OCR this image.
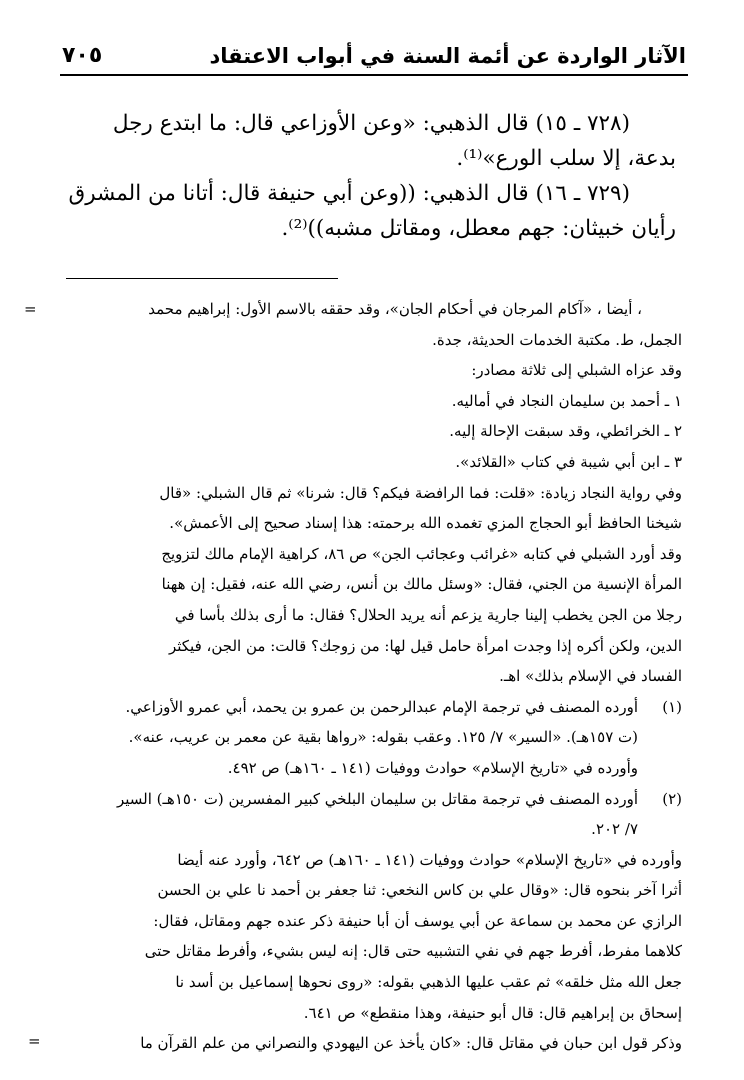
الآثار الواردة عن أئمة السنة في أبواب الاعتقاد
٧٠٥

(٧٢٨ ـ ١٥) قال الذهبي: «وعن الأوزاعي قال: ما ابتدع رجل

بدعة، إلا سلب الورع»⁽¹⁾.

(٧٢٩ ـ ١٦) قال الذهبي: ((وعن أبي حنيفة قال: أتانا من المشرق

رأيان خبيثان: جهم معطل، ومقاتل مشبه))⁽²⁾.

=	، أيضا ، «آكام المرجان في أحكام الجان»، وقد حققه بالاسم الأول: إبراهيم محمد

الجمل، ط. مكتبة الخدمات الحديثة، جدة.

وقد عزاه الشبلي إلى ثلاثة مصادر:

١ ـ أحمد بن سليمان النجاد في أماليه.

٢ ـ الخرائطي، وقد سبقت الإحالة إليه.

٣ ـ ابن أبي شيبة في كتاب «القلائد».

وفي رواية النجاد زيادة: «قلت: فما الرافضة فيكم؟ قال: شرنا» ثم قال الشبلي: «قال

شيخنا الحافظ أبو الحجاج المزي تغمده الله برحمته: هذا إسناد صحيح إلى الأعمش».

وقد أورد الشبلي في كتابه «غرائب وعجائب الجن» ص ٨٦، كراهية الإمام مالك لتزويج

المرأة الإنسية من الجني، فقال: «وسئل مالك بن أنس، رضي الله عنه، فقيل: إن ههنا

رجلا من الجن يخطب إلينا جارية يزعم أنه يريد الحلال؟ فقال: ما أرى بذلك بأسا في

الدين، ولكن أكره إذا وجدت امرأة حامل قيل لها: من زوجك؟ قالت: من الجن، فيكثر

الفساد في الإسلام بذلك» اهـ.

(١)

أورده المصنف في ترجمة الإمام عبدالرحمن بن عمرو بن يحمد، أبي عمرو الأوزاعي.

(ت ١٥٧هـ). «السير» ٧/ ١٢٥. وعقب بقوله: «رواها بقية عن معمر بن عريب، عنه».

وأورده في «تاريخ الإسلام» حوادث ووفيات (١٤١ ـ ١٦٠هـ) ص ٤٩٢.

(٢)

أورده المصنف في ترجمة مقاتل بن سليمان البلخي كبير المفسرين (ت ١٥٠هـ) السير

٧/ ٢٠٢.

وأورده في «تاريخ الإسلام» حوادث ووفيات (١٤١ ـ ١٦٠هـ) ص ٦٤٢، وأورد عنه أيضا

أثرا آخر بنحوه قال: «وقال علي بن كاس النخعي: ثنا جعفر بن أحمد نا علي بن الحسن

الرازي عن محمد بن سماعة عن أبي يوسف أن أبا حنيفة ذكر عنده جهم ومقاتل، فقال:

كلاهما مفرط، أفرط جهم في نفي التشبيه حتى قال: إنه ليس بشيء، وأفرط مقاتل حتى

جعل الله مثل خلقه» ثم عقب عليها الذهبي بقوله: «روى نحوها إسماعيل بن أسد نا

إسحاق بن إبراهيم قال: قال أبو حنيفة، وهذا منقطع» ص ٦٤١.

وذكر قول ابن حبان في مقاتل قال: «كان يأخذ عن اليهودي والنصراني من علم القرآن ما

=
